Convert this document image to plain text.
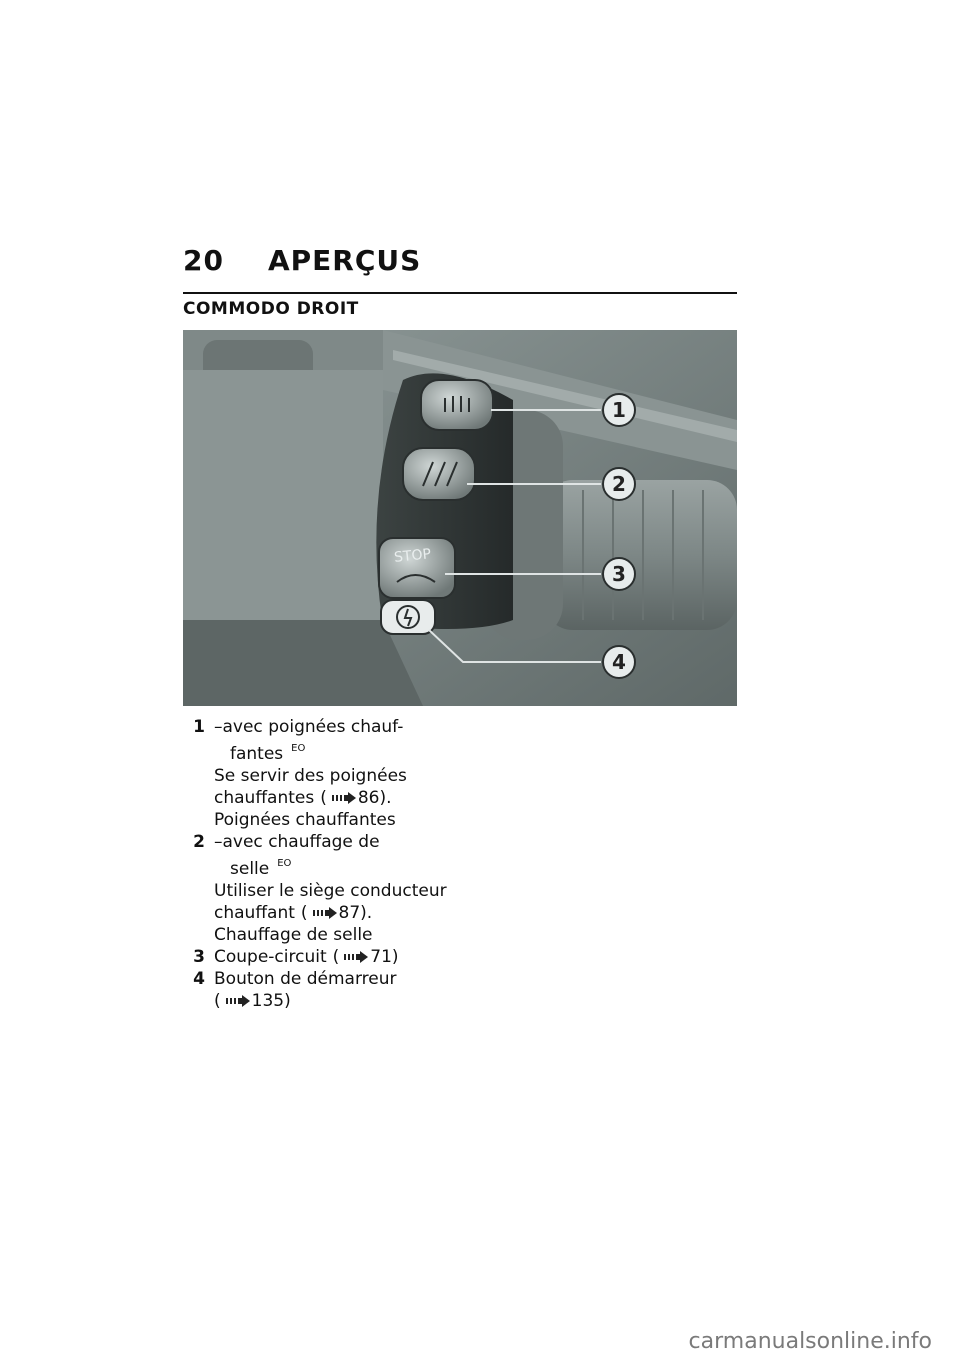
20 APERÇUS
COMMODO DROIT
STOP
1
2
3
4
1 –avec poignées chauf-
fantes $^{EO}$
Se servir des poignées
chauffantes ( 86).
Poignées chauffantes
2 –avec chauffage de
selle $^{EO}$
Utiliser le siège conducteur
chauffant ( 87).
Chauffage de selle
3 Coupe-circuit ( 71)
4 Bouton de démarreur
( 135)
carmanualsonline.info
